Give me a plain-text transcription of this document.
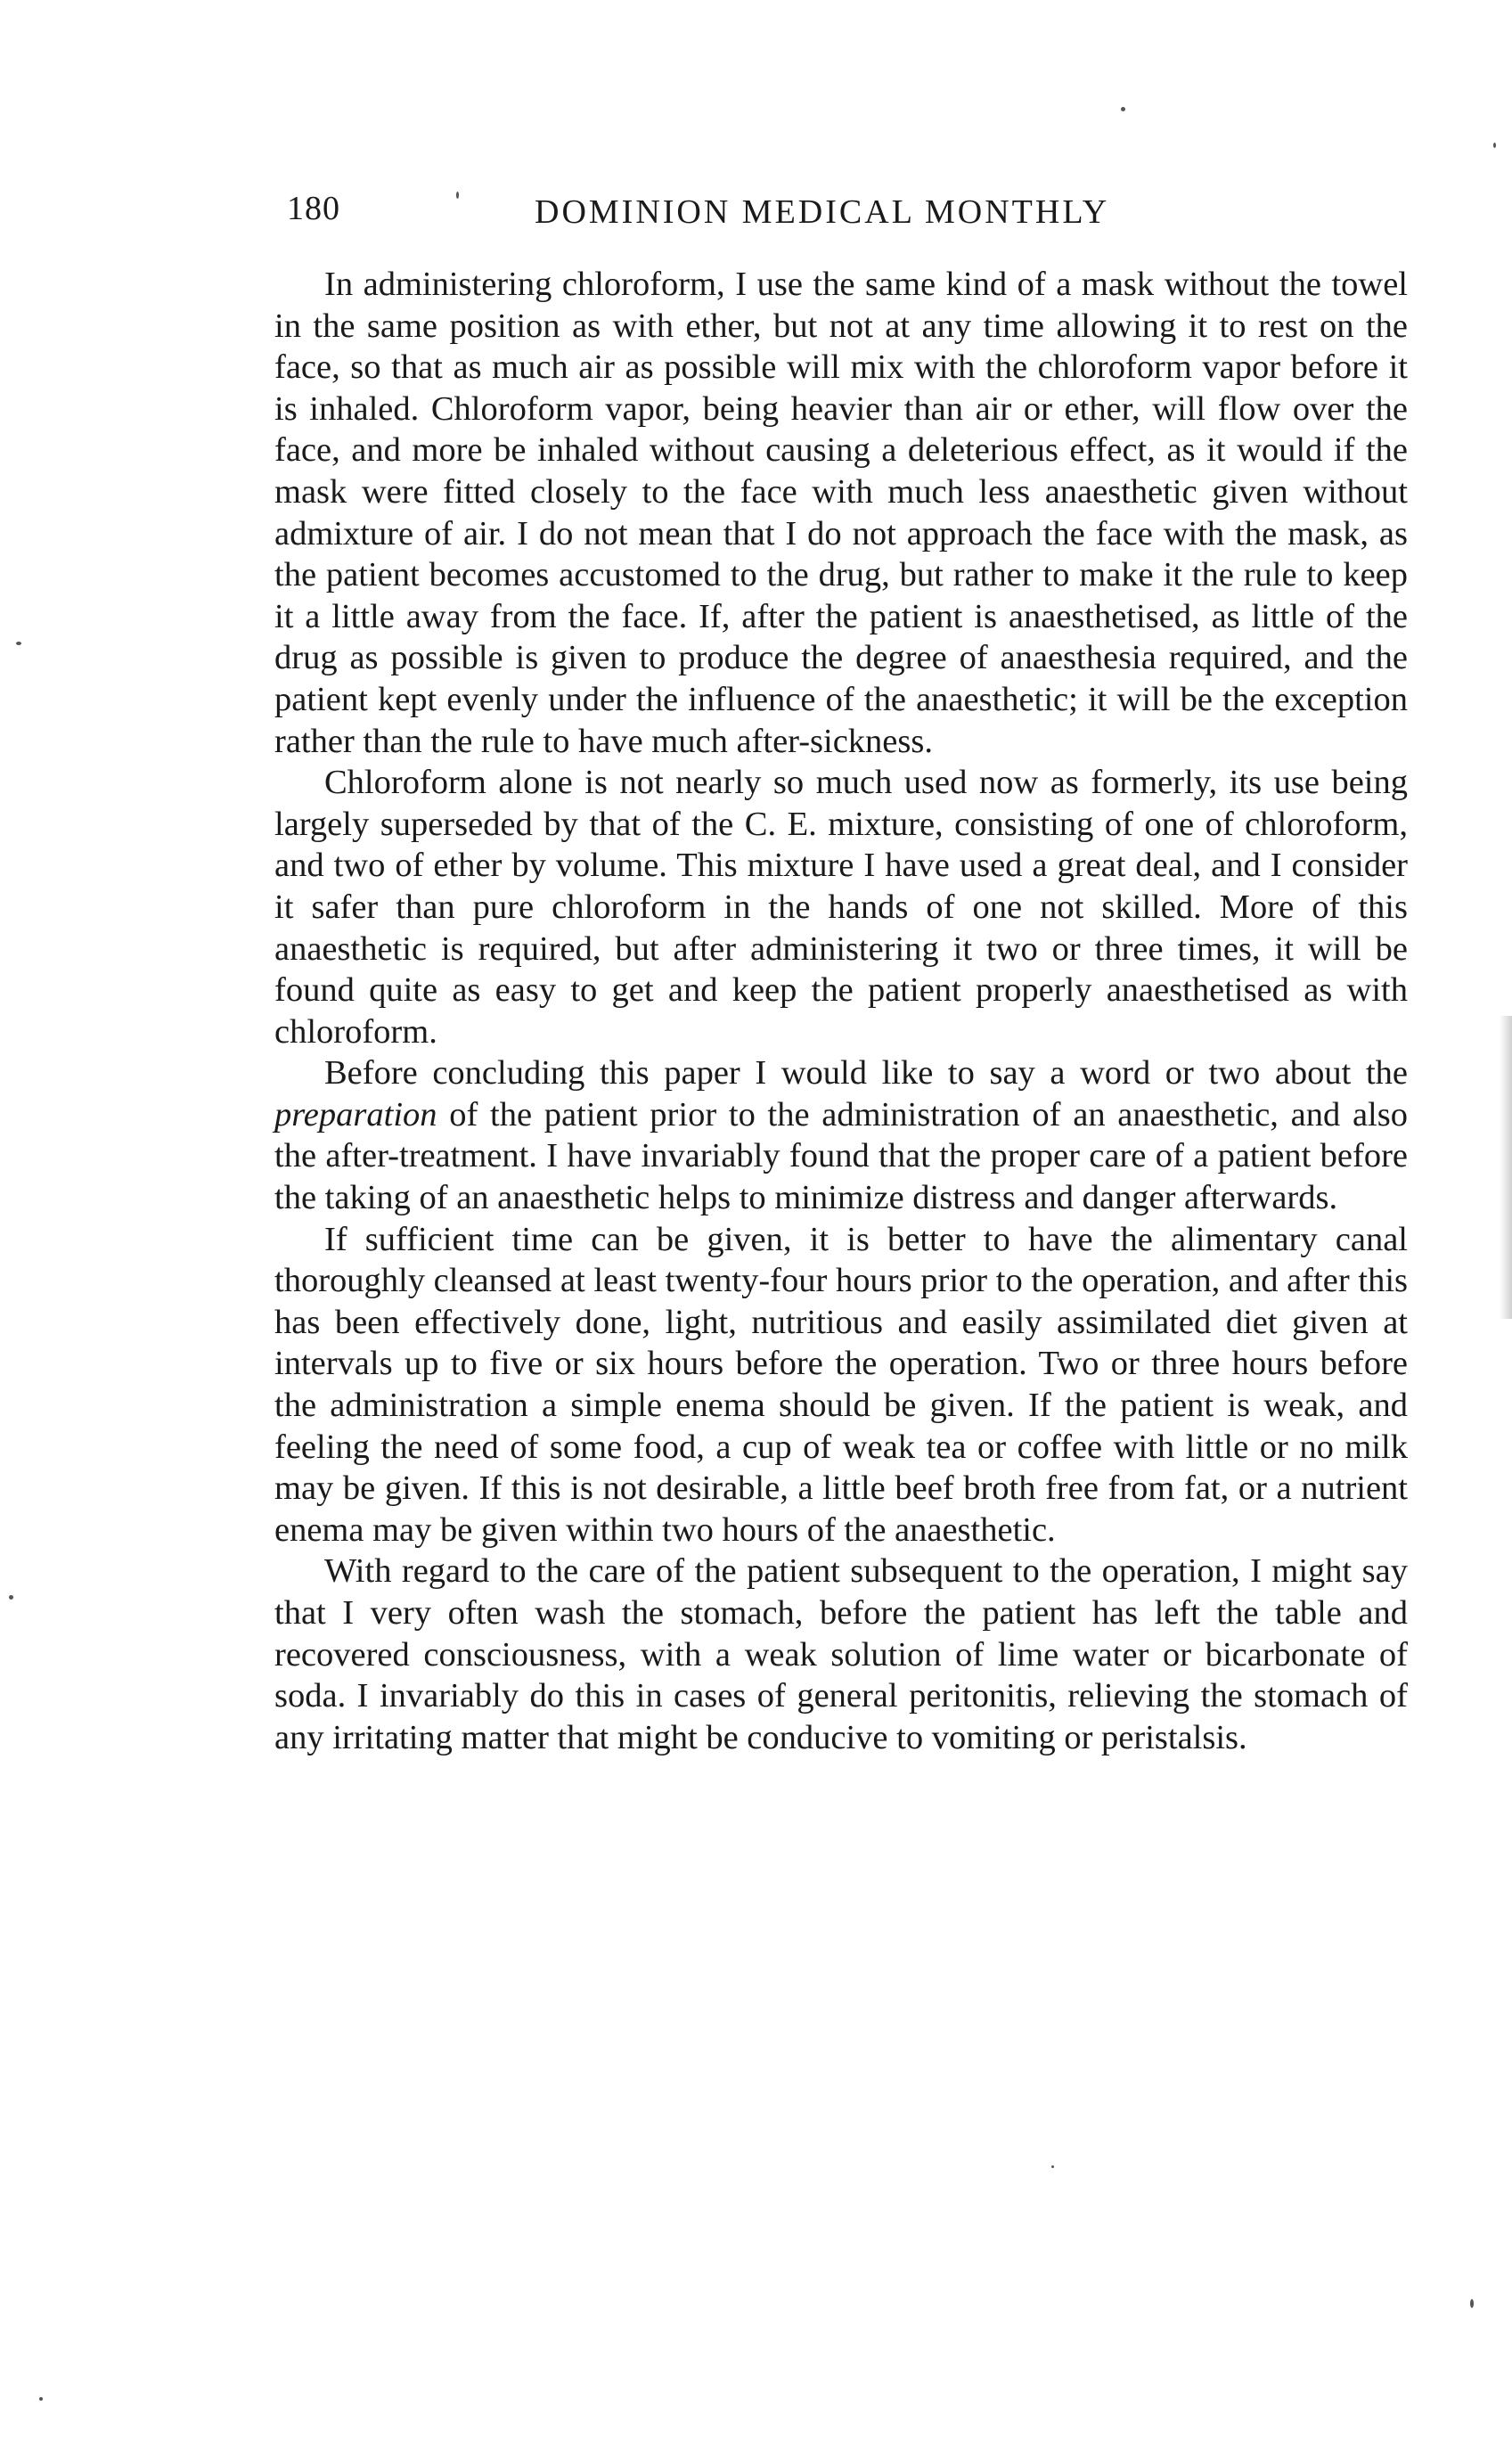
180	DOMINION MEDICAL MONTHLY

In administering chloroform, I use the same kind of a mask without the towel in the same position as with ether, but not at any time allowing it to rest on the face, so that as much air as possible will mix with the chloroform vapor before it is inhaled. Chloroform vapor, being heavier than air or ether, will flow over the face, and more be inhaled without causing a deleterious effect, as it would if the mask were fitted closely to the face with much less anaesthetic given without admixture of air. I do not mean that I do not approach the face with the mask, as the patient becomes accustomed to the drug, but rather to make it the rule to keep it a little away from the face. If, after the patient is anaesthetised, as little of the drug as possible is given to produce the degree of anaesthesia required, and the patient kept evenly under the influence of the anaesthetic; it will be the exception rather than the rule to have much after-sickness.

Chloroform alone is not nearly so much used now as formerly, its use being largely superseded by that of the C. E. mixture, consisting of one of chloroform, and two of ether by volume. This mixture I have used a great deal, and I consider it safer than pure chloroform in the hands of one not skilled. More of this anaesthetic is required, but after administering it two or three times, it will be found quite as easy to get and keep the patient properly anaesthetised as with chloroform.

Before concluding this paper I would like to say a word or two about the preparation of the patient prior to the administration of an anaesthetic, and also the after-treatment. I have invariably found that the proper care of a patient before the taking of an anaesthetic helps to minimize distress and danger afterwards.

If sufficient time can be given, it is better to have the alimentary canal thoroughly cleansed at least twenty-four hours prior to the operation, and after this has been effectively done, light, nutritious and easily assimilated diet given at intervals up to five or six hours before the operation. Two or three hours before the administration a simple enema should be given. If the patient is weak, and feeling the need of some food, a cup of weak tea or coffee with little or no milk may be given. If this is not desirable, a little beef broth free from fat, or a nutrient enema may be given within two hours of the anaesthetic.

With regard to the care of the patient subsequent to the operation, I might say that I very often wash the stomach, before the patient has left the table and recovered consciousness, with a weak solution of lime water or bicarbonate of soda. I invariably do this in cases of general peritonitis, relieving the stomach of any irritating matter that might be conducive to vomiting or peristalsis.
